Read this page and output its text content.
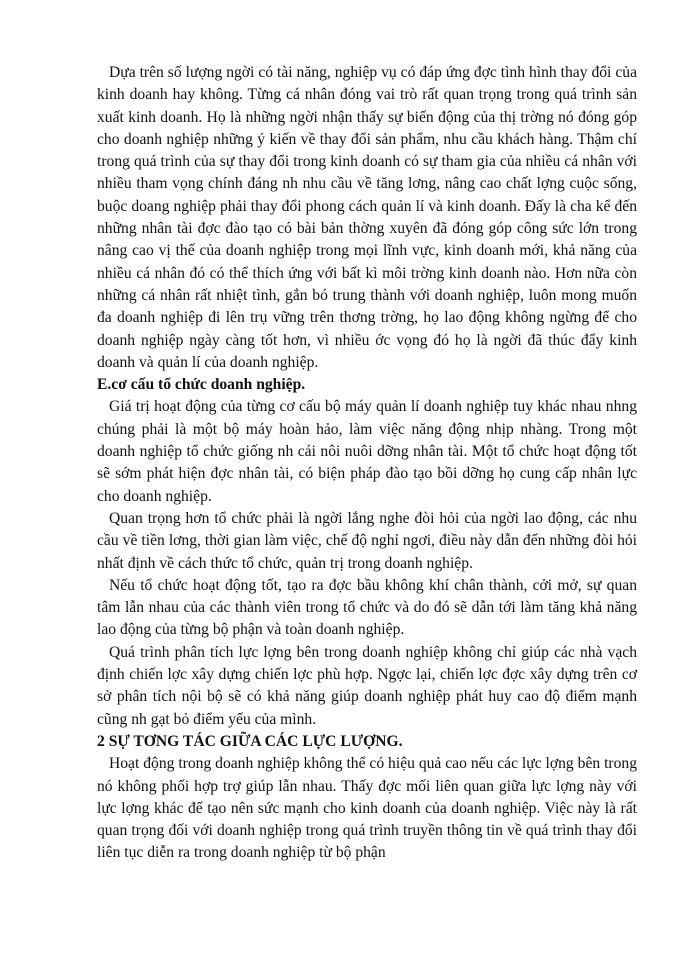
Dựa trên số lượng ngời có tài năng, nghiệp vụ có đáp ứng đợc tình hình thay đổi của kinh doanh hay không. Từng cá nhân đóng vai trò rất quan trọng trong quá trình sản xuất kinh doanh. Họ là những ngời nhận thấy sự biến động của thị trờng nó đóng góp cho doanh nghiệp những ý kiến về thay đổi sản phẩm, nhu cầu khách hàng. Thậm chí trong quá trình của sự thay đổi trong kinh doanh có sự tham gia của nhiều cá nhân với nhiều tham vọng chính đáng nh nhu cầu về tăng lơng, nâng cao chất lợng cuộc sống, buộc doang nghiệp phải thay đổi phong cách quản lí và kinh doanh. Đấy là cha kể đến những nhân tài đợc đào tạo có bài bản thờng xuyên đã đóng góp công sức lớn trong nâng cao vị thế của doanh nghiệp trong mọi lĩnh vực, kinh doanh mới, khả năng của nhiều cá nhân đó có thể thích ứng với bất kì môi trờng kinh doanh nào. Hơn nữa còn những cá nhân rất nhiệt tình, gắn bó trung thành với doanh nghiệp, luôn mong muốn đa doanh nghiệp đi lên trụ vững trên thơng trờng, họ lao động không ngừng để cho doanh nghiệp ngày càng tốt hơn, vì nhiều ớc vọng đó họ là ngời đã thúc đẩy kinh doanh và quản lí của doanh nghiệp.

E.cơ cấu tổ chức doanh nghiệp.

Giá trị hoạt động của từng cơ cấu bộ máy quản lí doanh nghiệp tuy khác nhau nhng chúng phải là một bộ máy hoàn hảo, làm việc năng động nhịp nhàng. Trong một doanh nghiệp tổ chức giống nh cái nôi nuôi dỡng nhân tài. Một tổ chức hoạt động tốt sẽ sớm phát hiện đợc nhân tài, có biện pháp đào tạo bồi dỡng họ cung cấp nhân lực cho doanh nghiệp.

Quan trọng hơn tổ chức phải là ngời lắng nghe đòi hỏi của ngời lao động, các nhu cầu về tiền lơng, thời gian làm việc, chế độ nghỉ ngơi, điều này dẫn đến những đòi hỏi nhất định về cách thức tổ chức, quản trị trong doanh nghiệp.

Nếu tổ chức hoạt động tốt, tạo ra đợc bầu không khí chân thành, cởi mở, sự quan tâm lẫn nhau của các thành viên trong tổ chức và do đó sẽ dẫn tới làm tăng khả năng lao động của từng bộ phận và toàn doanh nghiệp.

Quá trình phân tích lực lợng bên trong doanh nghiệp không chỉ giúp các nhà vạch định chiến lợc xây dựng chiến lợc phù hợp. Ngợc lại, chiến lợc đợc xây dựng trên cơ sở phân tích nội bộ sẽ có khả năng giúp doanh nghiệp phát huy cao độ điểm mạnh cũng nh gạt bỏ điểm yếu của mình.

2 SỰ TƠNG TÁC GIỮA CÁC LỰC LƯỢNG.

Hoạt động trong doanh nghiệp không thể có hiệu quả cao nếu các lực lợng bên trong nó không phối hợp trợ giúp lẫn nhau. Thấy đợc mối liên quan giữa lực lợng này với lực lợng khác để tạo nên sức mạnh cho kinh doanh của doanh nghiệp. Việc này là rất quan trọng đối với doanh nghiệp trong quá trình truyền thông tin về quá trình thay đổi liên tục diễn ra trong doanh nghiệp từ bộ phận
